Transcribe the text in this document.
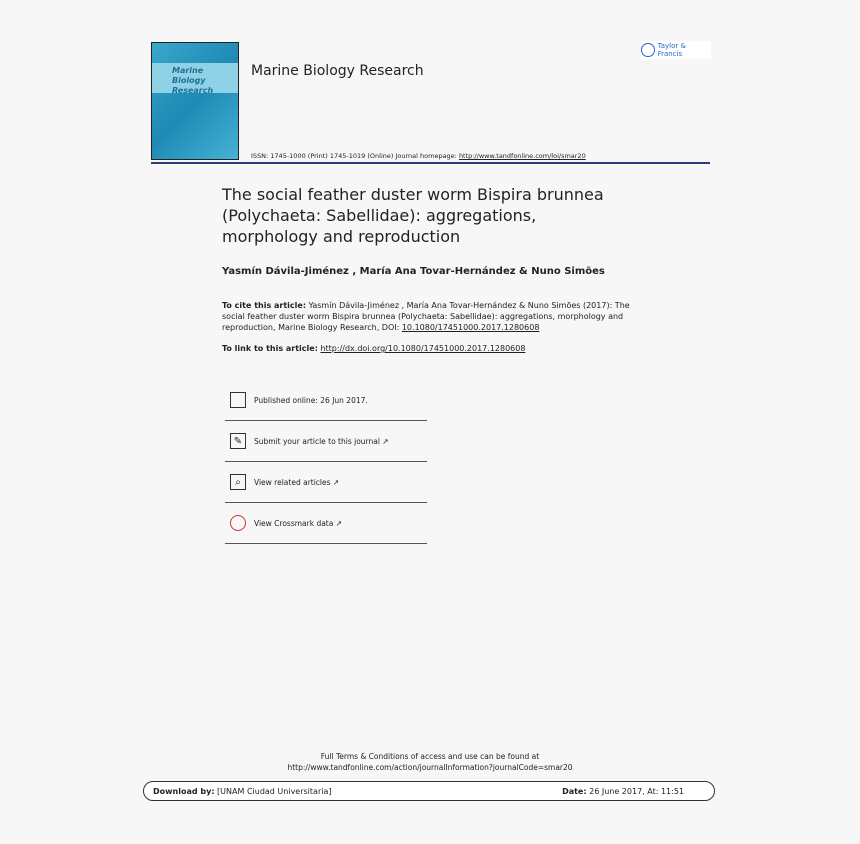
Marine Biology Research
Marine Biology Research
Taylor & Francis
ISSN: 1745-1000 (Print) 1745-1019 (Online) Journal homepage: http://www.tandfonline.com/loi/smar20
The social feather duster worm Bispira brunnea (Polychaeta: Sabellidae): aggregations, morphology and reproduction
Yasmín Dávila-Jiménez , María Ana Tovar-Hernández & Nuno Simões
To cite this article: Yasmín Dávila-Jiménez , María Ana Tovar-Hernández & Nuno Simões (2017): The social feather duster worm Bispira brunnea (Polychaeta: Sabellidae): aggregations, morphology and reproduction, Marine Biology Research, DOI: 10.1080/17451000.2017.1280608
To link to this article: http://dx.doi.org/10.1080/17451000.2017.1280608
Published online: 26 Jun 2017.
✎	Submit your article to this journal ↗
⌕	View related articles ↗
View Crossmark data ↗
Full Terms & Conditions of access and use can be found at
http://www.tandfonline.com/action/journalInformation?journalCode=smar20
Download by: [UNAM Ciudad Universitaria]	Date: 26 June 2017, At: 11:51
